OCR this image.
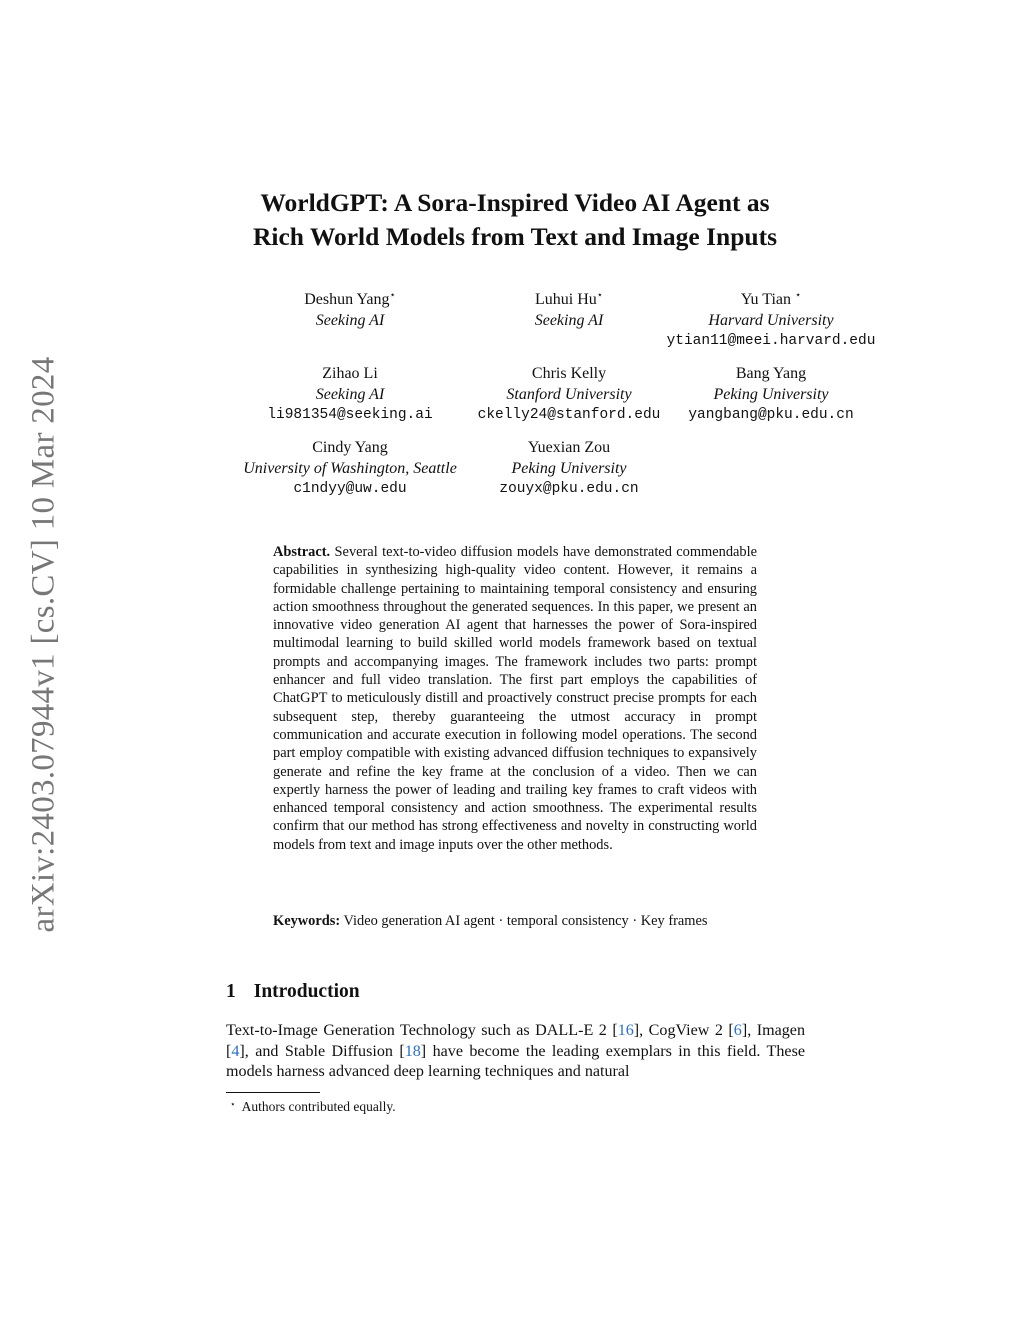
arXiv:2403.07944v1 [cs.CV] 10 Mar 2024
WorldGPT: A Sora-Inspired Video AI Agent as
Rich World Models from Text and Image Inputs
Deshun Yang⋆
Seeking AI
Luhui Hu⋆
Seeking AI
Yu Tian ⋆
Harvard University
ytian11@meei.harvard.edu
Zihao Li
Seeking AI
li981354@seeking.ai
Chris Kelly
Stanford University
ckelly24@stanford.edu
Bang Yang
Peking University
yangbang@pku.edu.cn
Cindy Yang
University of Washington, Seattle
c1ndyy@uw.edu
Yuexian Zou
Peking University
zouyx@pku.edu.cn
Abstract. Several text-to-video diffusion models have demonstrated commendable capabilities in synthesizing high-quality video content. However, it remains a formidable challenge pertaining to maintaining temporal consistency and ensuring action smoothness throughout the generated sequences. In this paper, we present an innovative video generation AI agent that harnesses the power of Sora-inspired multimodal learning to build skilled world models framework based on textual prompts and accompanying images. The framework includes two parts: prompt enhancer and full video translation. The first part employs the capabilities of ChatGPT to meticulously distill and proactively construct precise prompts for each subsequent step, thereby guaranteeing the utmost accuracy in prompt communication and accurate execution in following model operations. The second part employ compatible with existing advanced diffusion techniques to expansively generate and refine the key frame at the conclusion of a video. Then we can expertly harness the power of leading and trailing key frames to craft videos with enhanced temporal consistency and action smoothness. The experimental results confirm that our method has strong effectiveness and novelty in constructing world models from text and image inputs over the other methods.
Keywords: Video generation AI agent · temporal consistency · Key frames
1 Introduction
Text-to-Image Generation Technology such as DALL-E 2 [16], CogView 2 [6], Imagen [4], and Stable Diffusion [18] have become the leading exemplars in this field. These models harness advanced deep learning techniques and natural
⋆ Authors contributed equally.
